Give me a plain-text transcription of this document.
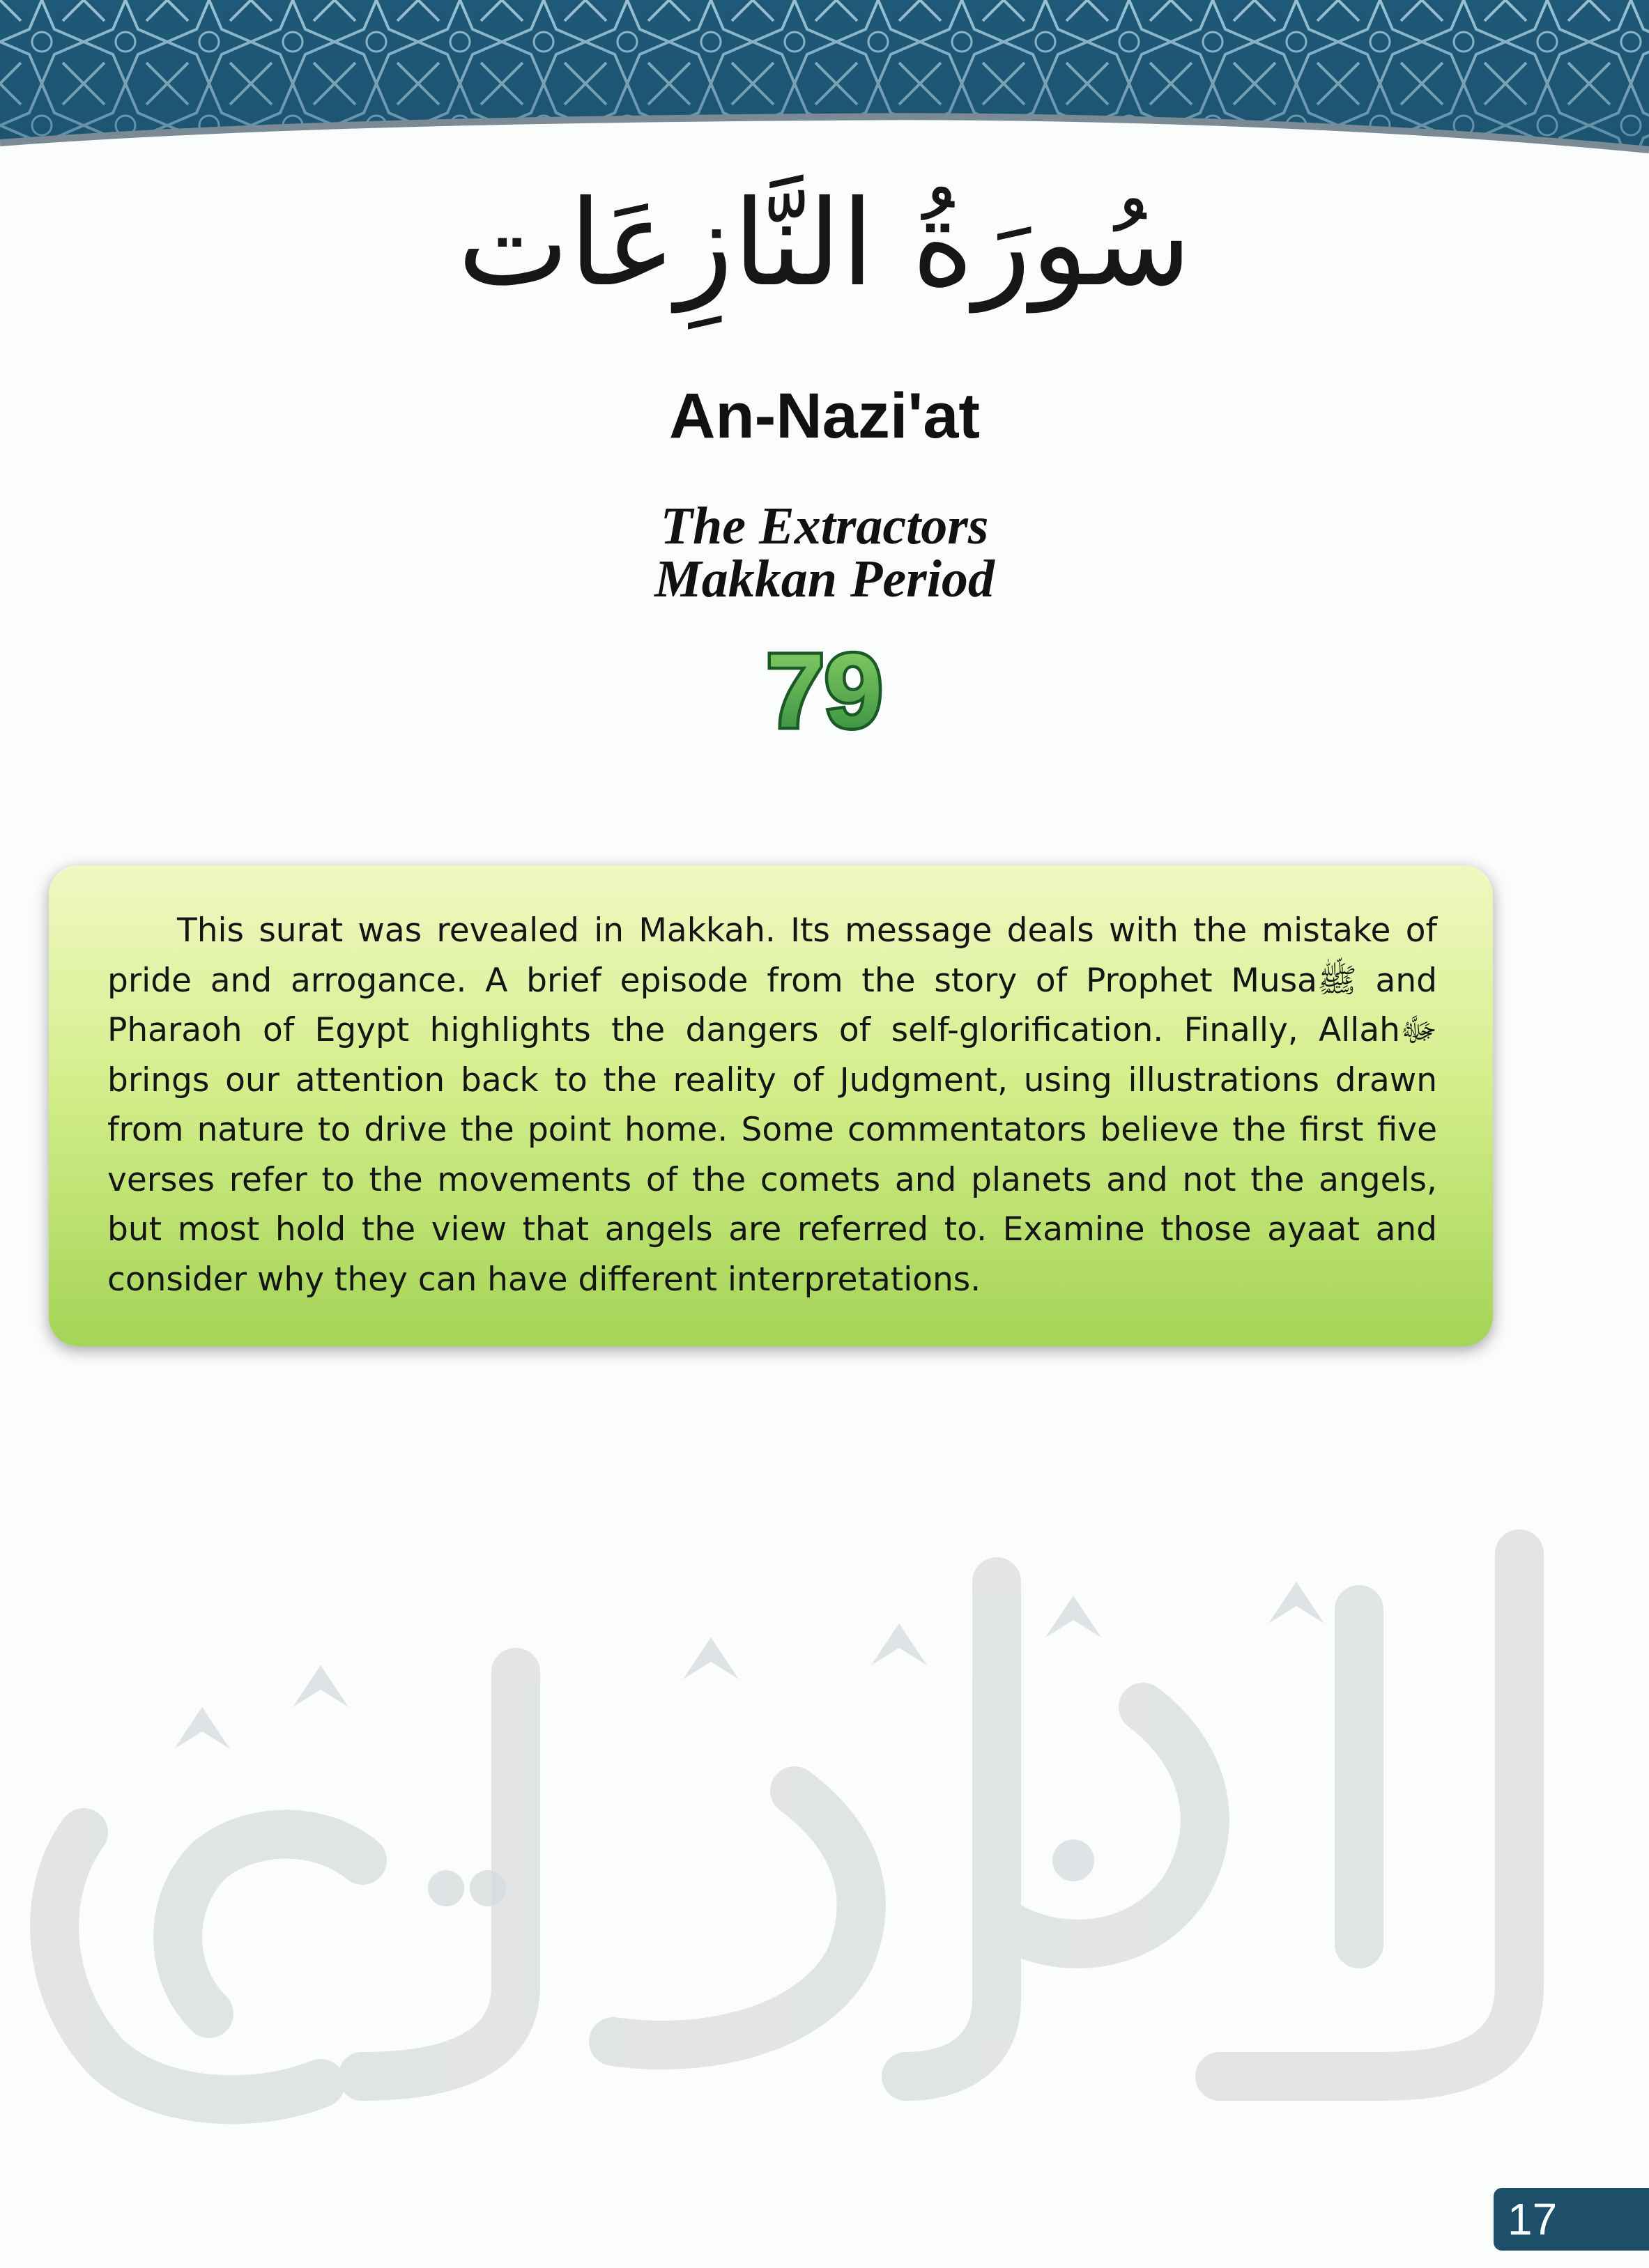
سُورَةُ النَّازِعَات
An-Nazi'at
The Extractors
Makkan Period
79

This surat was revealed in Makkah. Its message deals with the mistake of pride and arrogance. A brief episode from the story of Prophet Musaﷺ and Pharaoh of Egypt highlights the dangers of self-glorification. Finally, Allahﷻ brings our attention back to the reality of Judgment, using illustrations drawn from nature to drive the point home. Some commentators believe the first five verses refer to the movements of the comets and planets and not the angels, but most hold the view that angels are referred to. Examine those ayaat and consider why they can have different interpretations.

17
